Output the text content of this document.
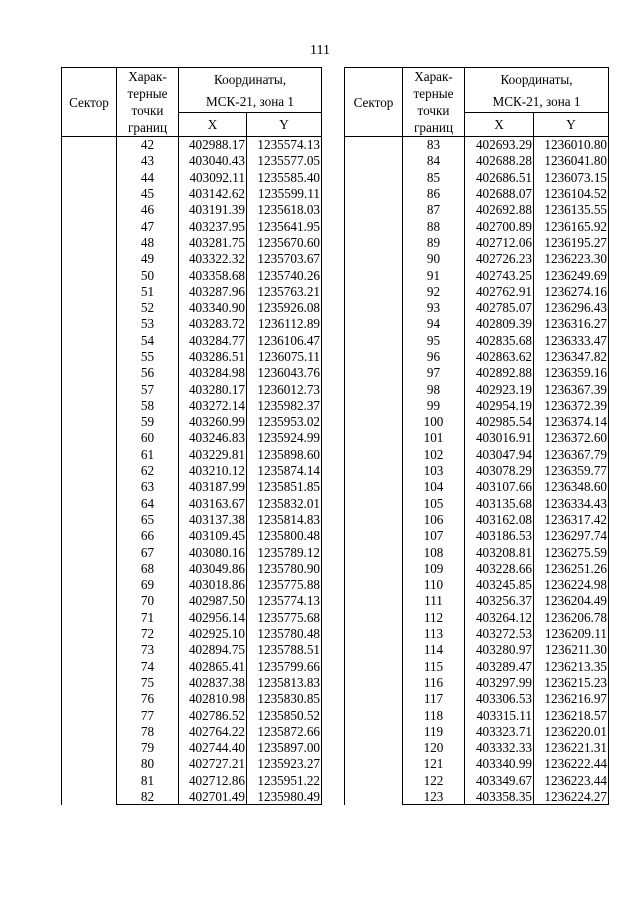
111
Сектор	Харак-
терные
точки
границ	Координаты,	
		МСК-21, зона 1	
		X	Y
	42	402988.17	1235574.13
	43	403040.43	1235577.05
	44	403092.11	1235585.40
	45	403142.62	1235599.11
	46	403191.39	1235618.03
	47	403237.95	1235641.95
	48	403281.75	1235670.60
	49	403322.32	1235703.67
	50	403358.68	1235740.26
	51	403287.96	1235763.21
	52	403340.90	1235926.08
	53	403283.72	1236112.89
	54	403284.77	1236106.47
	55	403286.51	1236075.11
	56	403284.98	1236043.76
	57	403280.17	1236012.73
	58	403272.14	1235982.37
	59	403260.99	1235953.02
	60	403246.83	1235924.99
	61	403229.81	1235898.60
	62	403210.12	1235874.14
	63	403187.99	1235851.85
	64	403163.67	1235832.01
	65	403137.38	1235814.83
	66	403109.45	1235800.48
	67	403080.16	1235789.12
	68	403049.86	1235780.90
	69	403018.86	1235775.88
	70	402987.50	1235774.13
	71	402956.14	1235775.68
	72	402925.10	1235780.48
	73	402894.75	1235788.51
	74	402865.41	1235799.66
	75	402837.38	1235813.83
	76	402810.98	1235830.85
	77	402786.52	1235850.52
	78	402764.22	1235872.66
	79	402744.40	1235897.00
	80	402727.21	1235923.27
	81	402712.86	1235951.22
	82	402701.49	1235980.49
Сектор	Харак-
терные
точки
границ	Координаты,	
		МСК-21, зона 1	
		X	Y
	83	402693.29	1236010.80
	84	402688.28	1236041.80
	85	402686.51	1236073.15
	86	402688.07	1236104.52
	87	402692.88	1236135.55
	88	402700.89	1236165.92
	89	402712.06	1236195.27
	90	402726.23	1236223.30
	91	402743.25	1236249.69
	92	402762.91	1236274.16
	93	402785.07	1236296.43
	94	402809.39	1236316.27
	95	402835.68	1236333.47
	96	402863.62	1236347.82
	97	402892.88	1236359.16
	98	402923.19	1236367.39
	99	402954.19	1236372.39
	100	402985.54	1236374.14
	101	403016.91	1236372.60
	102	403047.94	1236367.79
	103	403078.29	1236359.77
	104	403107.66	1236348.60
	105	403135.68	1236334.43
	106	403162.08	1236317.42
	107	403186.53	1236297.74
	108	403208.81	1236275.59
	109	403228.66	1236251.26
	110	403245.85	1236224.98
	111	403256.37	1236204.49
	112	403264.12	1236206.78
	113	403272.53	1236209.11
	114	403280.97	1236211.30
	115	403289.47	1236213.35
	116	403297.99	1236215.23
	117	403306.53	1236216.97
	118	403315.11	1236218.57
	119	403323.71	1236220.01
	120	403332.33	1236221.31
	121	403340.99	1236222.44
	122	403349.67	1236223.44
	123	403358.35	1236224.27
